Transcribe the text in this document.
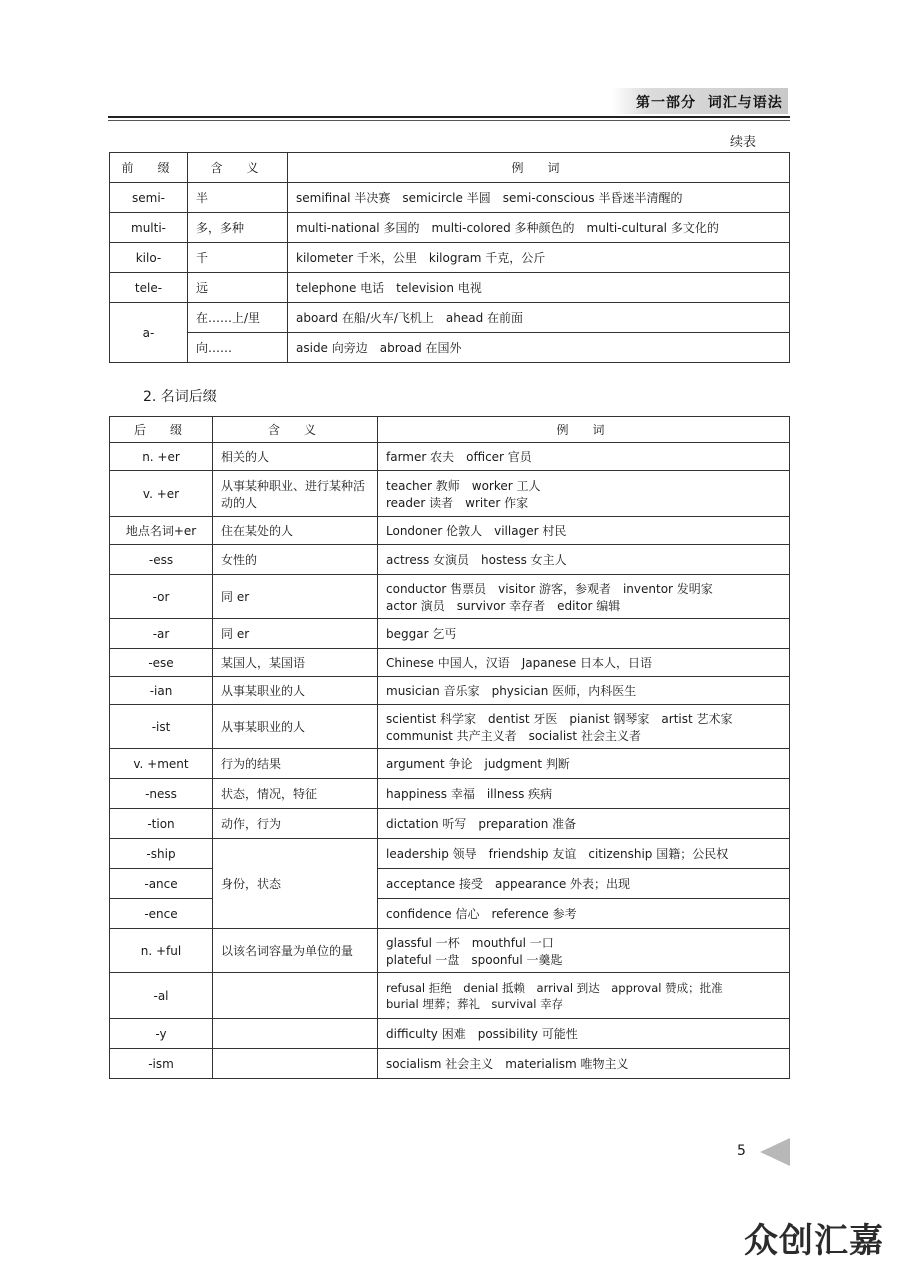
第一部分  词汇与语法
续表
前　缀	含　义	例　词
semi-	半	semifinal 半决赛　semicircle 半圆　semi-conscious 半昏迷半清醒的
multi-	多，多种	multi-national 多国的　multi-colored 多种颜色的　multi-cultural 多文化的
kilo-	千	kilometer 千米，公里　kilogram 千克，公斤
tele-	远	telephone 电话　television 电视
a-	在……上/里	aboard 在船/火车/飞机上　ahead 在前面
	向……	aside 向旁边　abroad 在国外
2. 名词后缀
后　缀	含　义	例　词
n. +er	相关的人	farmer 农夫　officer 官员

v. +er	从事某种职业、进行某种活动的人	teacher 教师　worker 工人
reader 读者　writer 作家

地点名词+er	住在某处的人	Londoner 伦敦人　villager 村民

-ess	女性的	actress 女演员　hostess 女主人

-or	同 er	conductor 售票员　visitor 游客，参观者　inventor 发明家
actor 演员　survivor 幸存者　editor 编辑

-ar	同 er	beggar 乞丐

-ese	某国人，某国语	Chinese 中国人，汉语　Japanese 日本人，日语

-ian	从事某职业的人	musician 音乐家　physician 医师，内科医生

-ist	从事某职业的人	scientist 科学家　dentist 牙医　pianist 钢琴家　artist 艺术家
communist 共产主义者　socialist 社会主义者

v. +ment	行为的结果	argument 争论　judgment 判断

-ness	状态，情况，特征	happiness 幸福　illness 疾病

-tion	动作，行为	dictation 听写　preparation 准备

-ship	身份，状态	leadership 领导　friendship 友谊　citizenship 国籍；公民权

-ance		acceptance 接受　appearance 外表；出现

-ence		confidence 信心　reference 参考

n. +ful	以该名词容量为单位的量	glassful 一杯　mouthful 一口
plateful 一盘　spoonful 一羹匙

-al		refusal 拒绝　denial 抵赖　arrival 到达　approval 赞成；批准
burial 埋葬；葬礼　survival 幸存

-y		difficulty 困难　possibility 可能性

-ism		socialism 社会主义　materialism 唯物主义
5
众创汇嘉
